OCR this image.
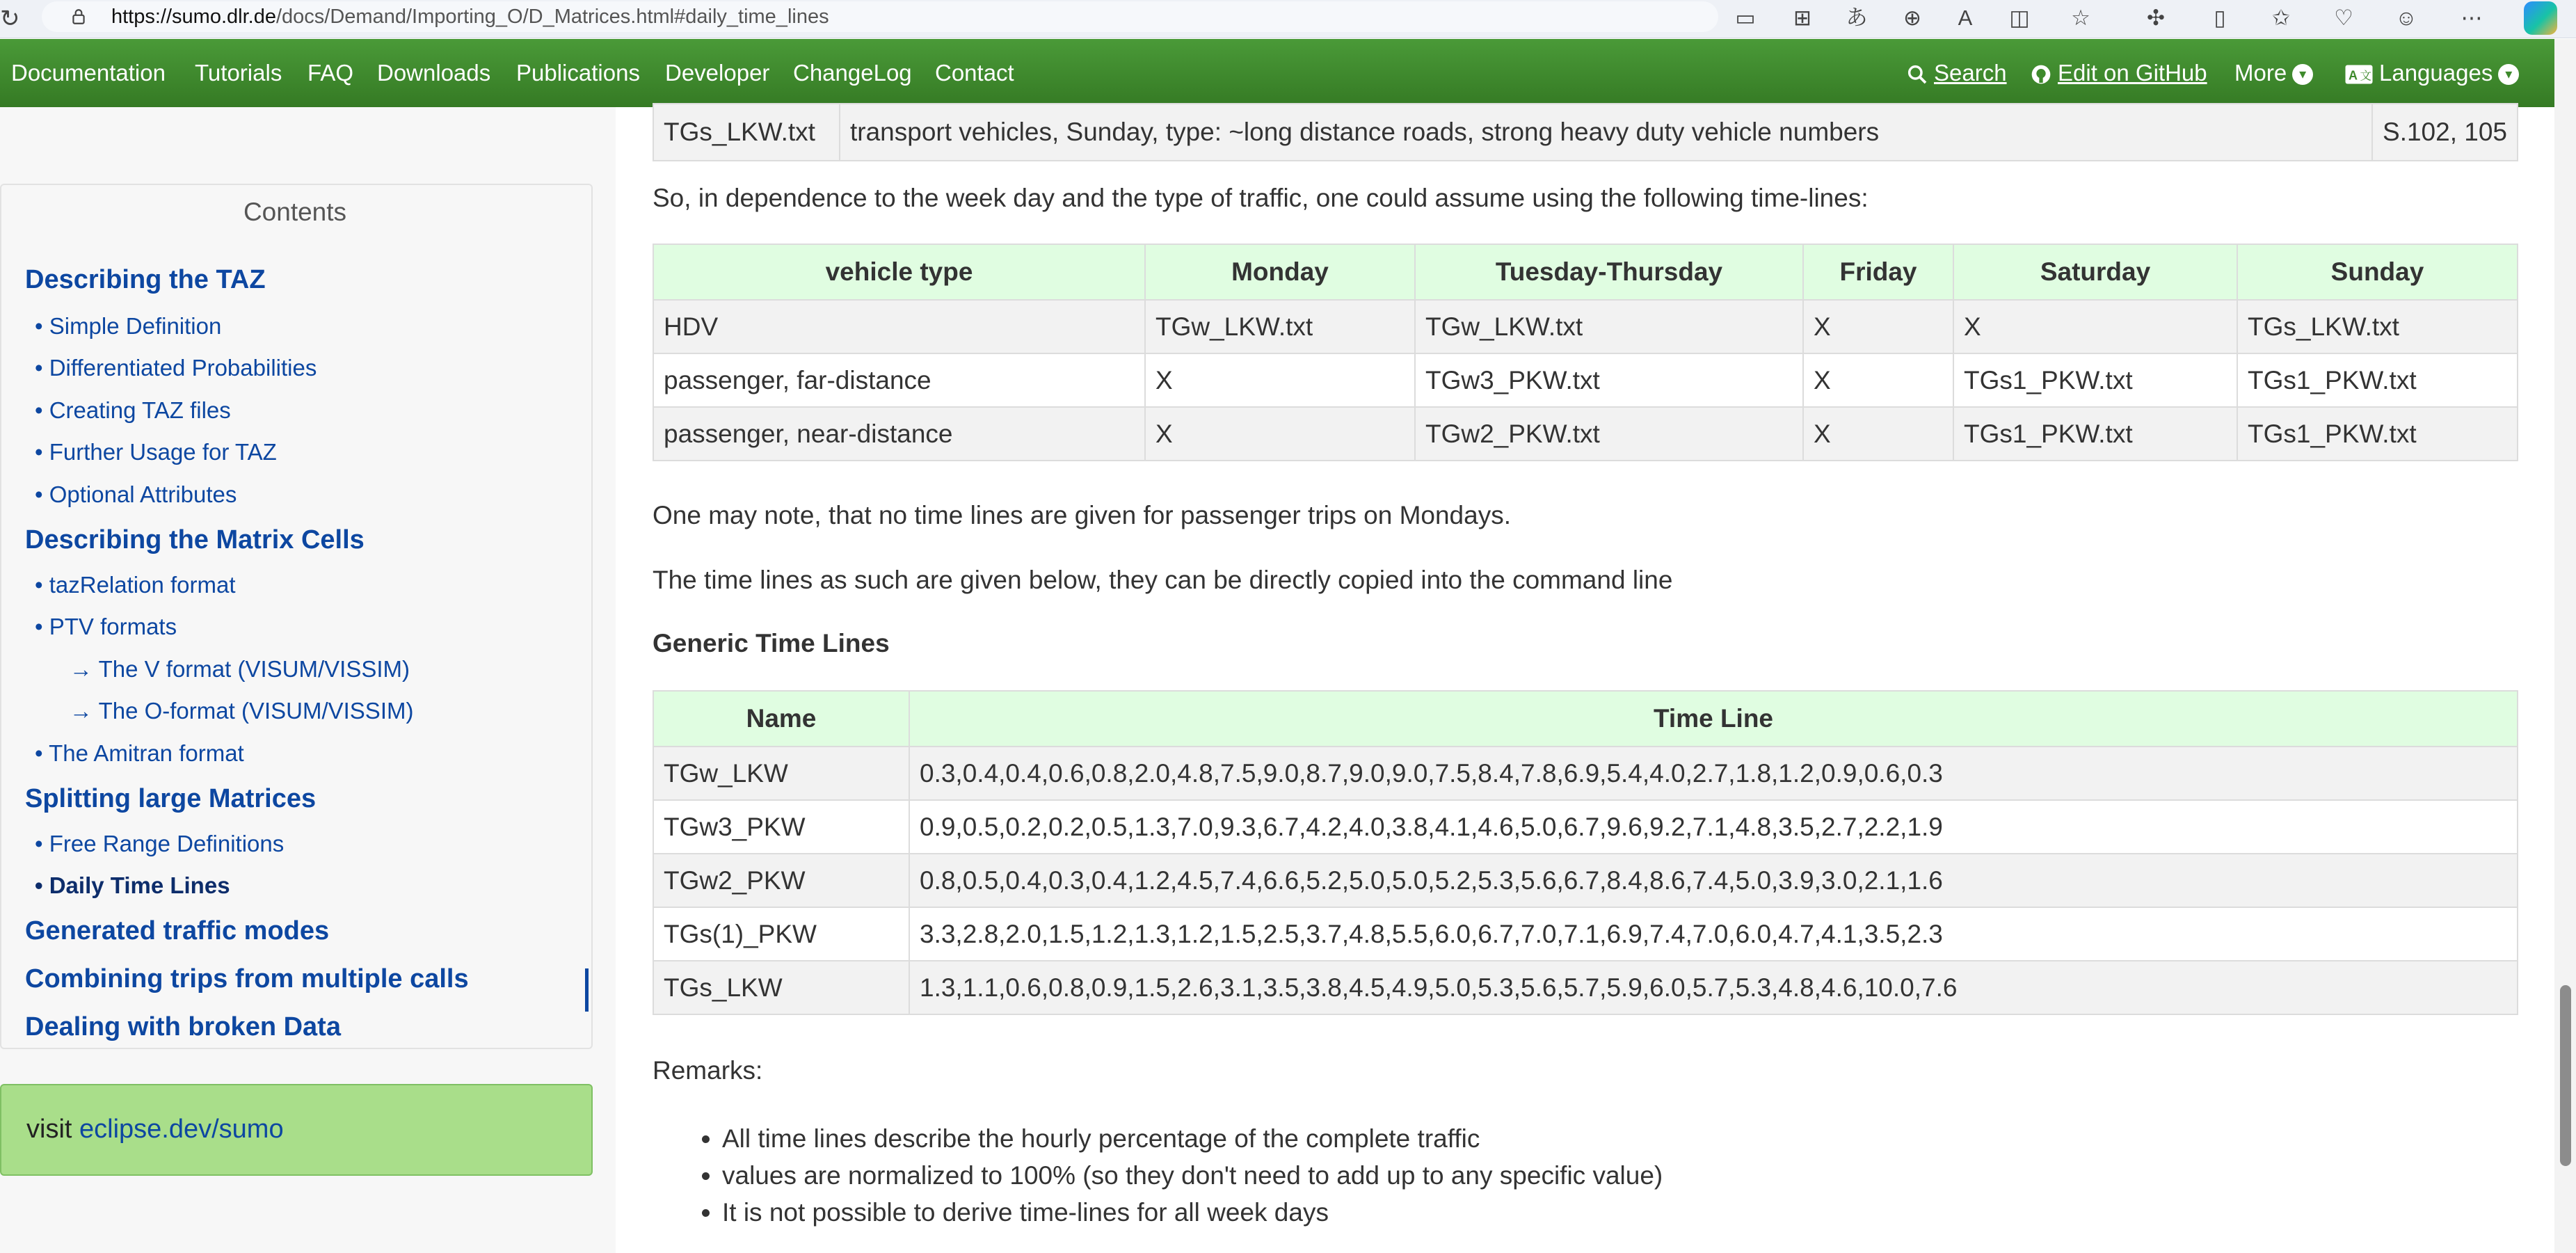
↻	https://sumo.dlr.de/docs/Demand/Importing_O/D_Matrices.html#daily_time_lines	▭	⊞	あ	⊕	A	◫ ☆	✣	▯	✩	♡ ☺ ⋯
Documentation Tutorials FAQ Downloads Publications Developer ChangeLog Contact	Search	Edit on GitHub More ▾	A 文 Languages ▾
Contents
Describing the TAZ
• Simple Definition
• Differentiated Probabilities
• Creating TAZ files
• Further Usage for TAZ
• Optional Attributes
Describing the Matrix Cells
• tazRelation format
• PTV formats
→ The V format (VISUM/VISSIM)
→ The O-format (VISUM/VISSIM)
• The Amitran format
Splitting large Matrices
• Free Range Definitions
• Daily Time Lines
Generated traffic modes
Combining trips from multiple calls
Dealing with broken Data
visit eclipse.dev/sumo
TGs_LKW.txt	transport vehicles, Sunday, type: ~long distance roads, strong heavy duty vehicle numbers	S.102, 105
So, in dependence to the week day and the type of traffic, one could assume using the following time-lines:
vehicle type	Monday	Tuesday-Thursday	Friday	Saturday	Sunday
HDV	TGw_LKW.txt	TGw_LKW.txt	X	X	TGs_LKW.txt
passenger, far-distance	X	TGw3_PKW.txt	X	TGs1_PKW.txt	TGs1_PKW.txt
passenger, near-distance	X	TGw2_PKW.txt	X	TGs1_PKW.txt	TGs1_PKW.txt
One may note, that no time lines are given for passenger trips on Mondays.
The time lines as such are given below, they can be directly copied into the command line
Generic Time Lines
Name	Time Line
TGw_LKW	0.3,0.4,0.4,0.6,0.8,2.0,4.8,7.5,9.0,8.7,9.0,9.0,7.5,8.4,7.8,6.9,5.4,4.0,2.7,1.8,1.2,0.9,0.6,0.3
TGw3_PKW	0.9,0.5,0.2,0.2,0.5,1.3,7.0,9.3,6.7,4.2,4.0,3.8,4.1,4.6,5.0,6.7,9.6,9.2,7.1,4.8,3.5,2.7,2.2,1.9
TGw2_PKW	0.8,0.5,0.4,0.3,0.4,1.2,4.5,7.4,6.6,5.2,5.0,5.0,5.2,5.3,5.6,6.7,8.4,8.6,7.4,5.0,3.9,3.0,2.1,1.6
TGs(1)_PKW	3.3,2.8,2.0,1.5,1.2,1.3,1.2,1.5,2.5,3.7,4.8,5.5,6.0,6.7,7.0,7.1,6.9,7.4,7.0,6.0,4.7,4.1,3.5,2.3
TGs_LKW	1.3,1.1,0.6,0.8,0.9,1.5,2.6,3.1,3.5,3.8,4.5,4.9,5.0,5.3,5.6,5.7,5.9,6.0,5.7,5.3,4.8,4.6,10.0,7.6
Remarks:
• All time lines describe the hourly percentage of the complete traffic
• values are normalized to 100% (so they don't need to add up to any specific value)
• It is not possible to derive time-lines for all week days
